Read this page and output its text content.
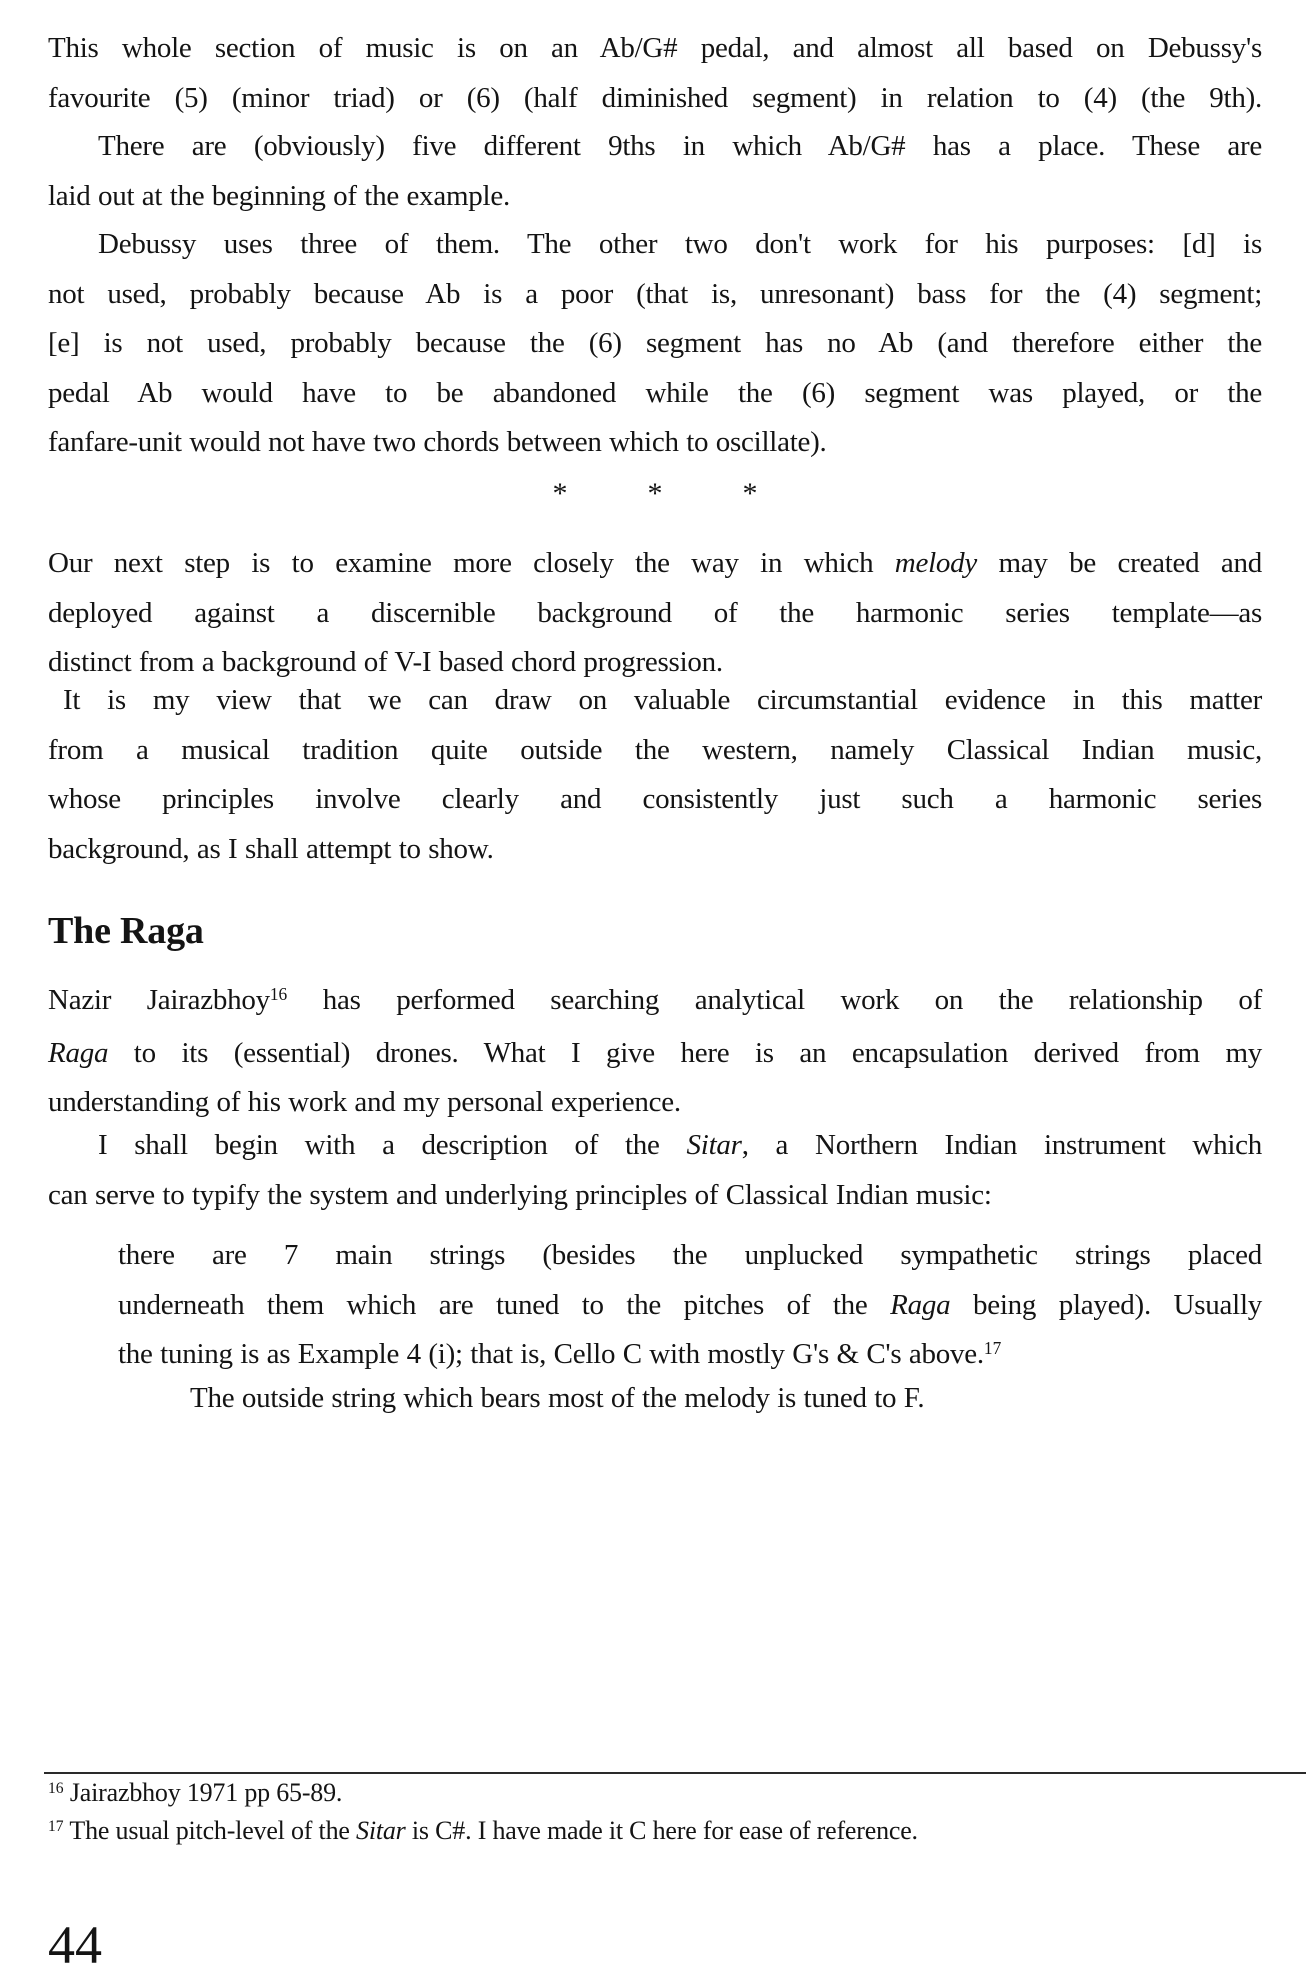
This whole section of music is on an Ab/G# pedal, and almost all based on Debussy's
favourite (5) (minor triad) or (6) (half diminished segment) in relation to (4) (the 9th).
There are (obviously) five different 9ths in which Ab/G# has a place. These are
laid out at the beginning of the example.
Debussy uses three of them. The other two don't work for his purposes: [d] is
not used, probably because Ab is a poor (that is, unresonant) bass for the (4) segment;
[e] is not used, probably because the (6) segment has no Ab (and therefore either the
pedal Ab would have to be abandoned while the (6) segment was played, or the
fanfare-unit would not have two chords between which to oscillate).
*	*	*
Our next step is to examine more closely the way in which melody may be created and
deployed against a discernible background of the harmonic series template—as
distinct from a background of V-I based chord progression.
It is my view that we can draw on valuable circumstantial evidence in this matter
from a musical tradition quite outside the western, namely Classical Indian music,
whose principles involve clearly and consistently just such a harmonic series
background, as I shall attempt to show.
The Raga
Nazir Jairazbhoy$^{16}$ has performed searching analytical work on the relationship of
Raga to its (essential) drones. What I give here is an encapsulation derived from my
understanding of his work and my personal experience.
I shall begin with a description of the Sitar, a Northern Indian instrument which
can serve to typify the system and underlying principles of Classical Indian music:
there are 7 main strings (besides the unplucked sympathetic strings placed
underneath them which are tuned to the pitches of the Raga being played). Usually
the tuning is as Example 4 (i); that is, Cello C with mostly G's & C's above.$^{17}$
The outside string which bears most of the melody is tuned to F.
$^{16}$ Jairazbhoy 1971 pp 65-89.
$^{17}$ The usual pitch-level of the Sitar is C#. I have made it C here for ease of reference.
44
